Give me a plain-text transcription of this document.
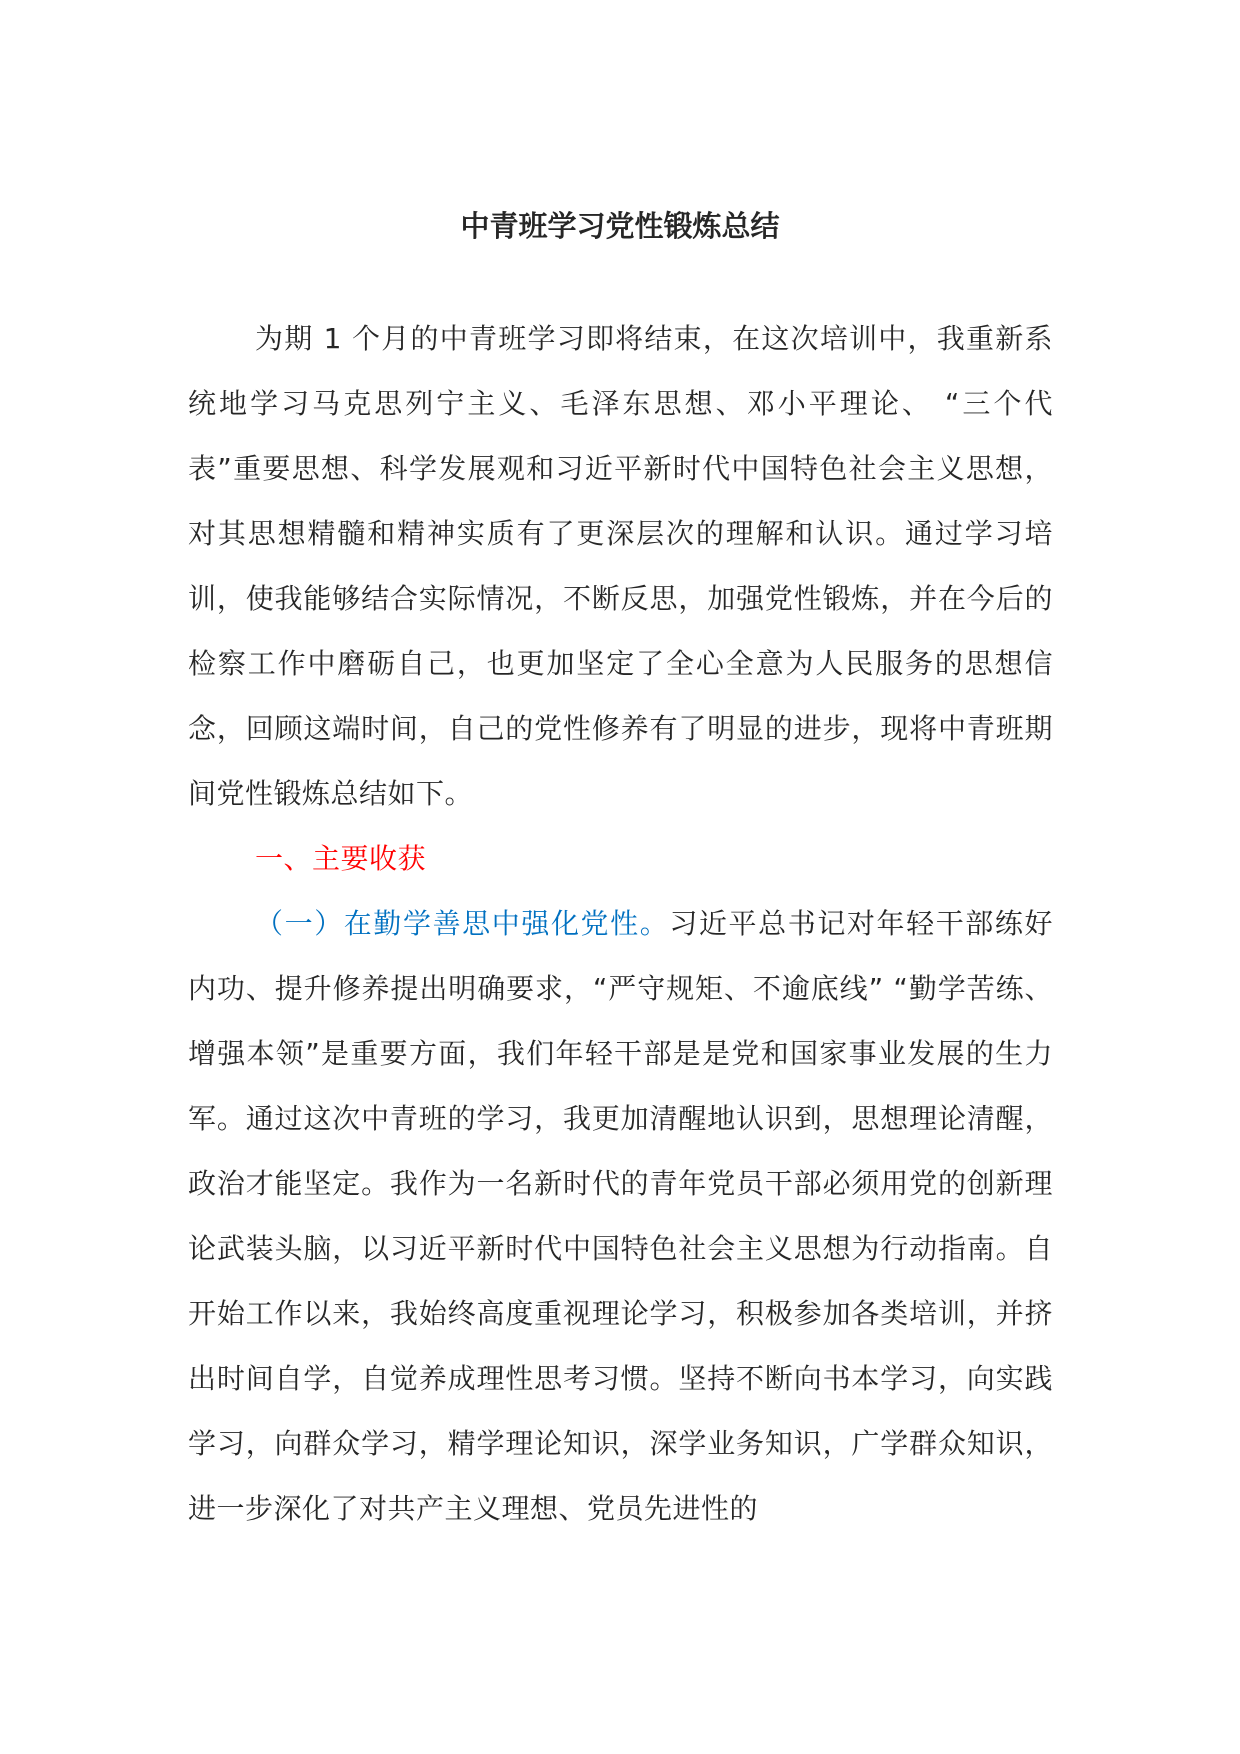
中青班学习党性锻炼总结

为期 1 个月的中青班学习即将结束，在这次培训中，我重新系统地学习马克思列宁主义、毛泽东思想、邓小平理论、 “三个代表”重要思想、科学发展观和习近平新时代中国特色社会主义思想，对其思想精髓和精神实质有了更深层次的理解和认识。通过学习培训，使我能够结合实际情况，不断反思，加强党性锻炼，并在今后的检察工作中磨砺自己，也更加坚定了全心全意为人民服务的思想信念，回顾这端时间，自己的党性修养有了明显的进步，现将中青班期间党性锻炼总结如下。

一、主要收获

（一）在勤学善思中强化党性。习近平总书记对年轻干部练好内功、提升修养提出明确要求，“严守规矩、不逾底线” “勤学苦练、增强本领”是重要方面，我们年轻干部是是党和国家事业发展的生力军。通过这次中青班的学习，我更加清醒地认识到，思想理论清醒，政治才能坚定。我作为一名新时代的青年党员干部必须用党的创新理论武装头脑，以习近平新时代中国特色社会主义思想为行动指南。自开始工作以来，我始终高度重视理论学习，积极参加各类培训，并挤出时间自学，自觉养成理性思考习惯。坚持不断向书本学习，向实践学习，向群众学习，精学理论知识，深学业务知识，广学群众知识，进一步深化了对共产主义理想、党员先进性的
